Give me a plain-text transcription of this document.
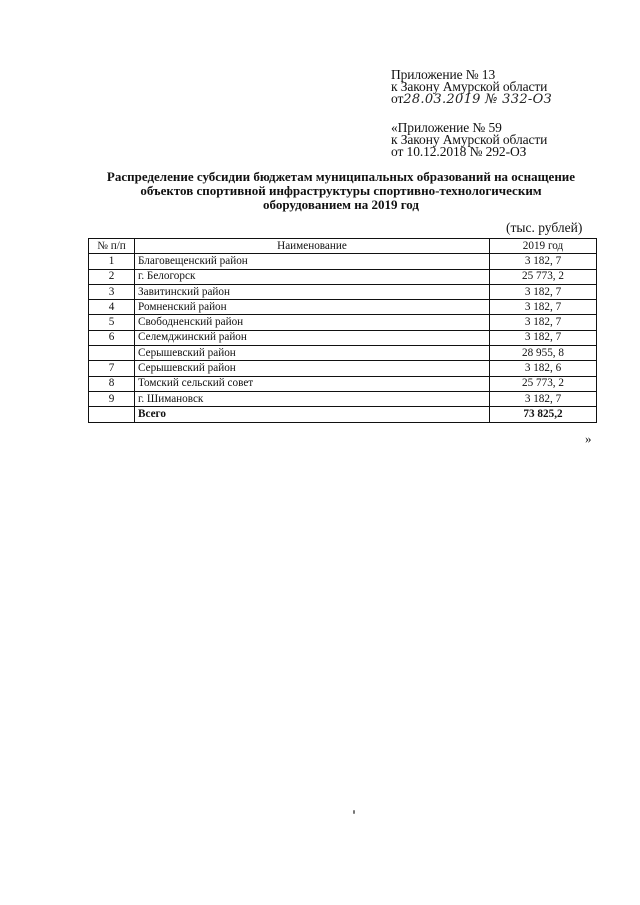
Приложение № 13
к Закону Амурской области
от28.03.2019 № 332-ОЗ
«Приложение № 59
к Закону Амурской области
от 10.12.2018 № 292-ОЗ
Распределение субсидии бюджетам муниципальных образований на оснащение объектов спортивной инфраструктуры спортивно-технологическим оборудованием на 2019 год
(тыс. рублей)
№ п/п	Наименование	2019 год
1	Благовещенский район	3 182, 7
2	г. Белогорск	25 773, 2
3	Завитинский район	3 182, 7
4	Ромненский район	3 182, 7
5	Свободненский район	3 182, 7
6	Селемджинский район	3 182, 7
	Серышевский район	28 955, 8
7	Серышевский район	3 182, 6
8	Томский сельский совет	25 773, 2
9	г. Шимановск	3 182, 7
	Всего	73 825,2
»
